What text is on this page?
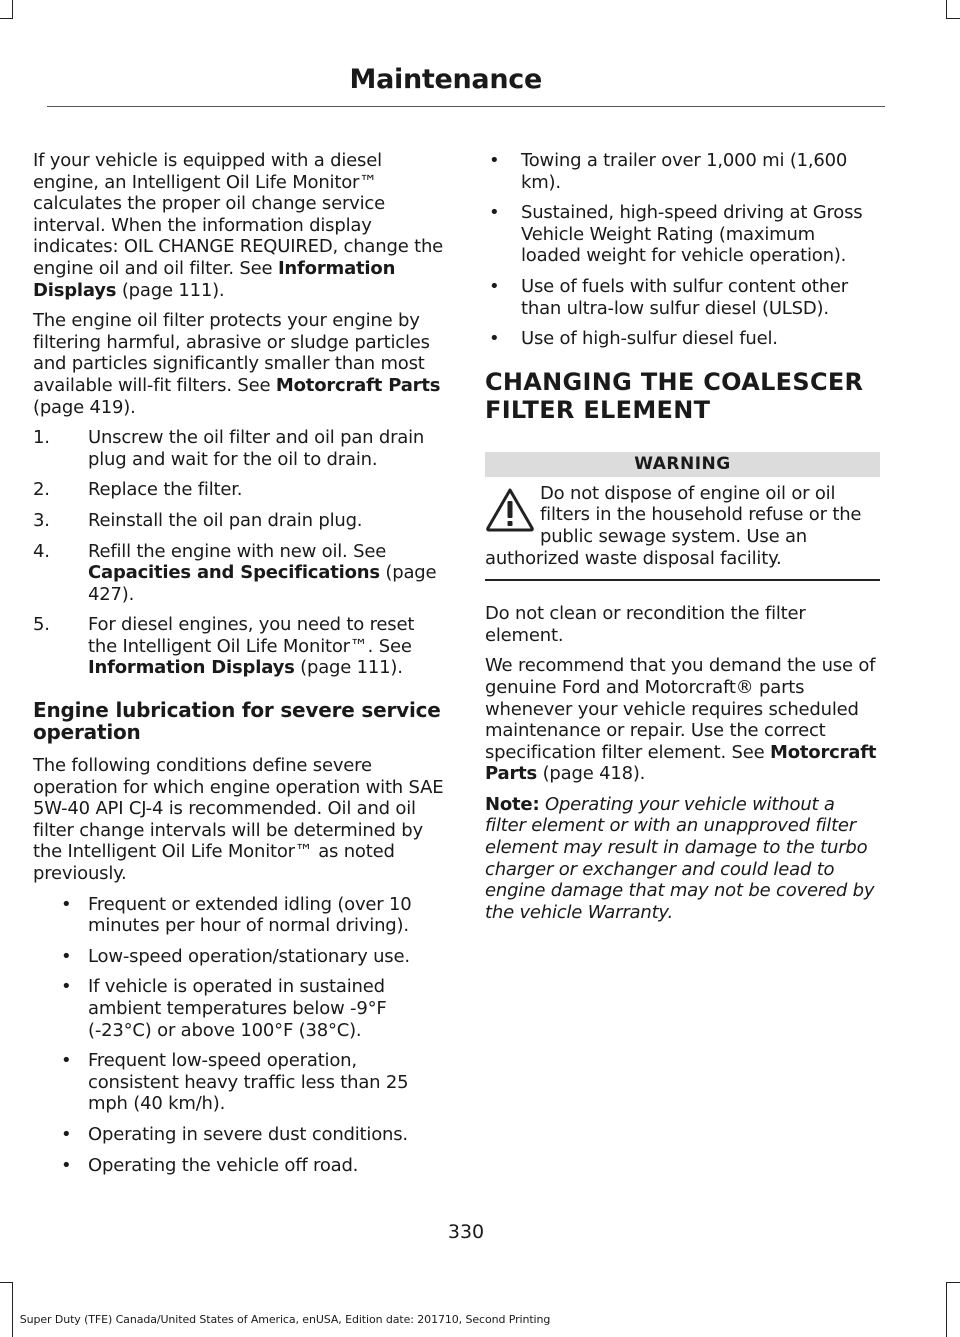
Maintenance

If your vehicle is equipped with a diesel engine, an Intelligent Oil Life Monitor™ calculates the proper oil change service interval. When the information display indicates: OIL CHANGE REQUIRED, change the engine oil and oil filter. See Information Displays (page 111).

The engine oil filter protects your engine by filtering harmful, abrasive or sludge particles and particles significantly smaller than most available will-fit filters. See Motorcraft Parts (page 419).

1. Unscrew the oil filter and oil pan drain plug and wait for the oil to drain.
2. Replace the filter.
3. Reinstall the oil pan drain plug.
4. Refill the engine with new oil. See Capacities and Specifications (page 427).
5. For diesel engines, you need to reset the Intelligent Oil Life Monitor™. See Information Displays (page 111).
Engine lubrication for severe service operation

The following conditions define severe operation for which engine operation with SAE 5W-40 API CJ-4 is recommended. Oil and oil filter change intervals will be determined by the Intelligent Oil Life Monitor™ as noted previously.

• Frequent or extended idling (over 10 minutes per hour of normal driving).
• Low-speed operation/stationary use.
• If vehicle is operated in sustained ambient temperatures below -9°F (-23°C) or above 100°F (38°C).
• Frequent low-speed operation, consistent heavy traffic less than 25 mph (40 km/h).
• Operating in severe dust conditions.
• Operating the vehicle off road.
• Towing a trailer over 1,000 mi (1,600 km).
• Sustained, high-speed driving at Gross Vehicle Weight Rating (maximum loaded weight for vehicle operation).
• Use of fuels with sulfur content other than ultra-low sulfur diesel (ULSD).
• Use of high-sulfur diesel fuel.
CHANGING THE COALESCER
FILTER ELEMENT
WARNING
Do not dispose of engine oil or oil filters in the household refuse or the public sewage system. Use an
authorized waste disposal facility.

Do not clean or recondition the filter element.

We recommend that you demand the use of genuine Ford and Motorcraft® parts whenever your vehicle requires scheduled maintenance or repair. Use the correct specification filter element. See Motorcraft Parts (page 418).

Note: Operating your vehicle without a filter element or with an unapproved filter element may result in damage to the turbo charger or exchanger and could lead to engine damage that may not be covered by the vehicle Warranty.

330
Super Duty (TFE) Canada/United States of America, enUSA, Edition date: 201710, Second Printing
